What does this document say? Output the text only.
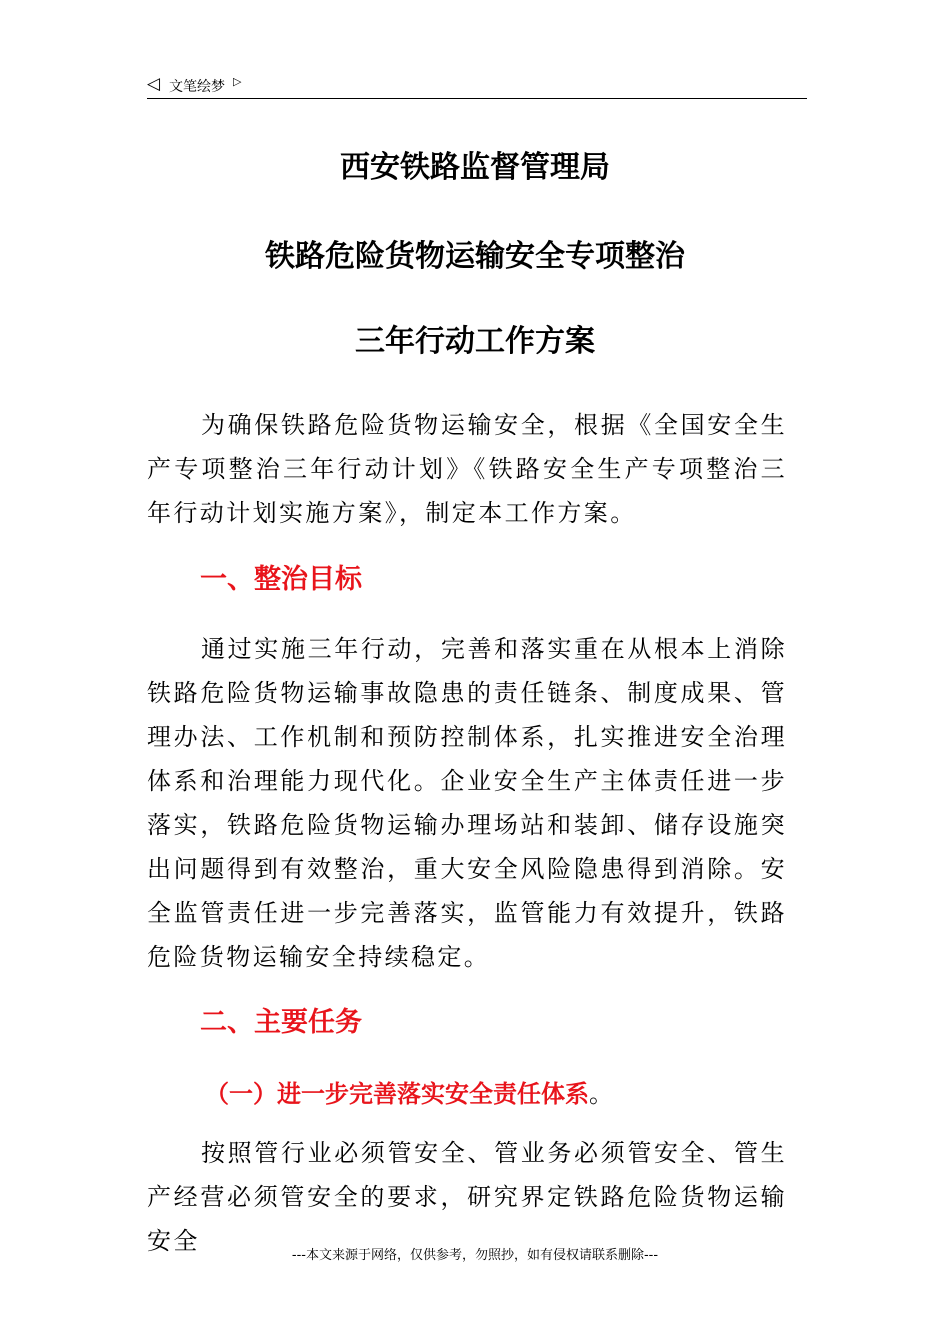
◁ 文笔绘梦 ▷
西安铁路监督管理局
铁路危险货物运输安全专项整治
三年行动工作方案

为确保铁路危险货物运输安全，根据《全国安全生产专项整治三年行动计划》《铁路安全生产专项整治三年行动计划实施方案》，制定本工作方案。

一、整治目标

通过实施三年行动，完善和落实重在从根本上消除铁路危险货物运输事故隐患的责任链条、制度成果、管理办法、工作机制和预防控制体系，扎实推进安全治理体系和治理能力现代化。企业安全生产主体责任进一步落实，铁路危险货物运输办理场站和装卸、储存设施突出问题得到有效整治，重大安全风险隐患得到消除。安全监管责任进一步完善落实，监管能力有效提升，铁路危险货物运输安全持续稳定。

二、主要任务
（一）进一步完善落实安全责任体系。

按照管行业必须管安全、管业务必须管安全、管生产经营必须管安全的要求，研究界定铁路危险货物运输安全

---本文来源于网络，仅供参考，勿照抄，如有侵权请联系删除---
